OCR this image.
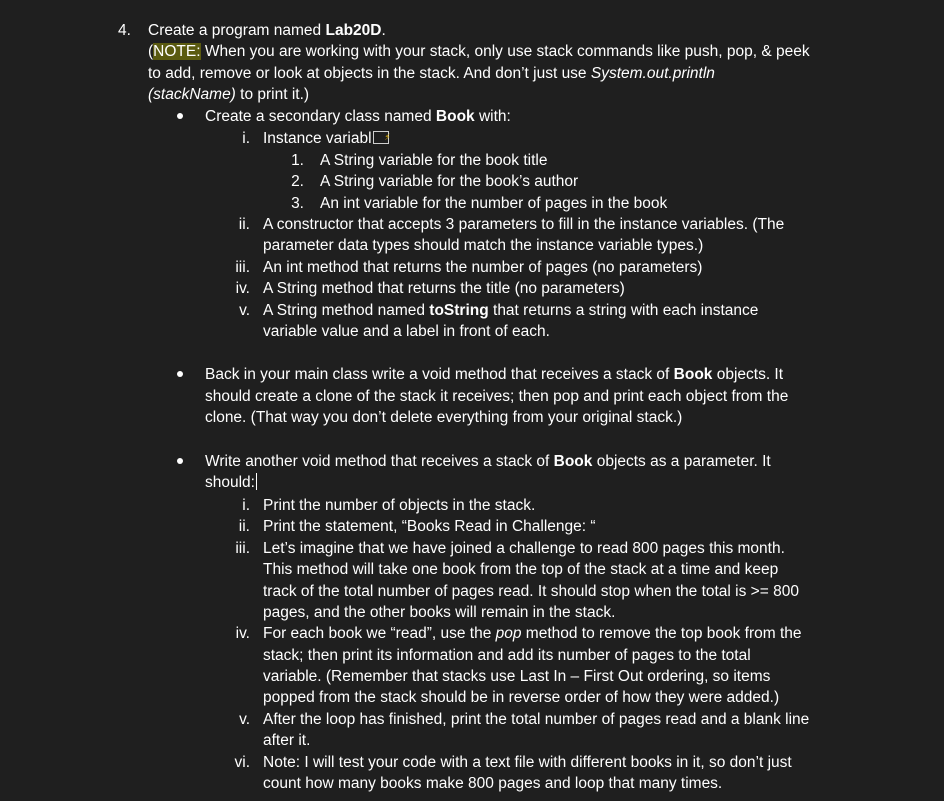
4. Create a program named Lab20D.
(NOTE: When you are working with your stack, only use stack commands like push, pop, & peek
to add, remove or look at objects in the stack. And don’t just use System.out.println
(stackName) to print it.)
Create a secondary class named Book with:
i. Instance variabl⚡
1. A String variable for the book title
2. A String variable for the book’s author
3. An int variable for the number of pages in the book
ii. A constructor that accepts 3 parameters to fill in the instance variables. (The
parameter data types should match the instance variable types.)
iii. An int method that returns the number of pages (no parameters)
iv. A String method that returns the title (no parameters)
v. A String method named toString that returns a string with each instance
variable value and a label in front of each.
Back in your main class write a void method that receives a stack of Book objects. It
should create a clone of the stack it receives; then pop and print each object from the
clone. (That way you don’t delete everything from your original stack.)
Write another void method that receives a stack of Book objects as a parameter. It
should:
i. Print the number of objects in the stack.
ii. Print the statement, “Books Read in Challenge: “
iii. Let’s imagine that we have joined a challenge to read 800 pages this month.
This method will take one book from the top of the stack at a time and keep
track of the total number of pages read. It should stop when the total is >= 800
pages, and the other books will remain in the stack.
iv. For each book we “read”, use the pop method to remove the top book from the
stack; then print its information and add its number of pages to the total
variable. (Remember that stacks use Last In – First Out ordering, so items
popped from the stack should be in reverse order of how they were added.)
v. After the loop has finished, print the total number of pages read and a blank line
after it.
vi. Note: I will test your code with a text file with different books in it, so don’t just
count how many books make 800 pages and loop that many times.
